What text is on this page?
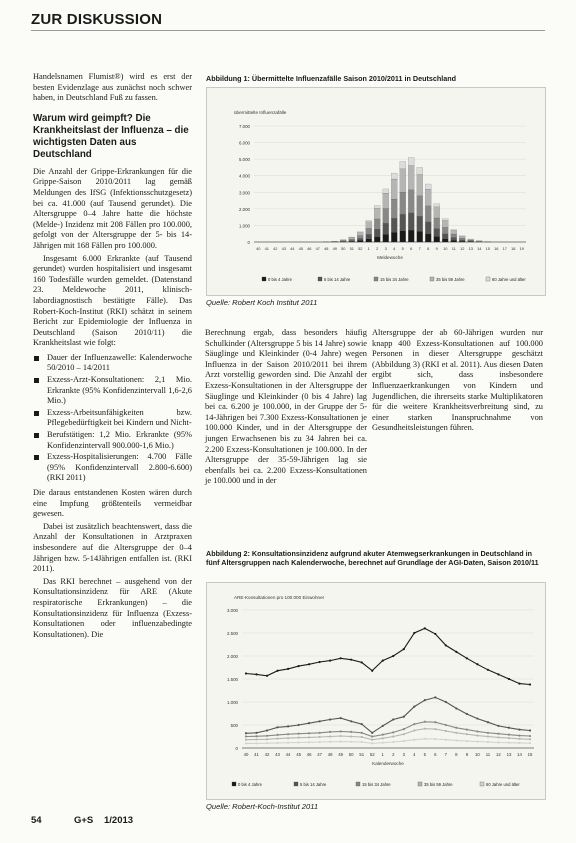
ZUR DISKUSSION

Handelsnamen Flumist®) wird es erst der besten Evidenzlage aus zunächst noch schwer haben, in Deutschland Fuß zu fassen.

Warum wird geimpft? Die Krankheitslast der Influenza – die wichtigsten Daten aus Deutschland

Die Anzahl der Grippe-Erkrankungen für die Grippe-Saison 2010/2011 lag gemäß Meldungen des IfSG (Infektionsschutzgesetz) bei ca. 41.000 (auf Tausend gerundet). Die Altersgruppe 0–4 Jahre hatte die höchste (Melde-) Inzidenz mit 208 Fällen pro 100.000, gefolgt von der Altersgruppe der 5- bis 14-Jährigen mit 168 Fällen pro 100.000.

Insgesamt 6.000 Erkrankte (auf Tausend gerundet) wurden hospitalisiert und insgesamt 160 Todesfälle wurden gemeldet. (Datenstand 23. Meldewoche 2011, klinisch-labordiagnostisch bestätigte Fälle). Das Robert-Koch-Institut (RKI) schätzt in seinem Bericht zur Epidemiologie der Influenza in Deutschland (Saison 2010/11) die Krankheitslast wie folgt:

Dauer der Influenzawelle: Kalenderwoche 50/2010 – 14/2011
Exzess-Arzt-Konsultationen: 2,1 Mio. Erkrankte (95% Konfidenzintervall 1,6-2,6 Mio.)
Exzess-Arbeitsunfähigkeiten bzw. Pflegebedürftigkeit bei Kindern und Nicht-
Berufstätigen: 1,2 Mio. Erkrankte (95% Konfidenzintervall 900.000-1,6 Mio.)
Exzess-Hospitalisierungen: 4.700 Fälle (95% Konfidenzintervall 2.800-6.600) (RKI 2011)

Die daraus entstandenen Kosten wären durch eine Impfung größtenteils vermeidbar gewesen.

Dabei ist zusätzlich beachtenswert, dass die Anzahl der Konsultationen in Arztpraxen insbesondere auf die Altersgruppe der 0–4 Jährigen bzw. 5-14Jährigen entfallen ist. (RKI 2011).

Das RKI berechnet – ausgehend von der Konsultationsinzidenz für ARE (Akute respiratorische Erkrankungen) – die Konsultationsinzidenz für Influenza (Exzess-Konsultationen oder influenzabedingte Konsultationen). Die

Berechnung ergab, dass besonders häufig Schulkinder (Altersgruppe 5 bis 14 Jahre) sowie Säuglinge und Kleinkinder (0-4 Jahre) wegen Influenza in der Saison 2010/2011 bei ihrem Arzt vorstellig geworden sind. Die Anzahl der Exzess-Konsultationen in der Altersgruppe der Säuglinge und Kleinkinder (0 bis 4 Jahre) lag bei ca. 6.200 je 100.000, in der Gruppe der 5-14-Jährigen bei 7.300 Exzess-Konsultationen je 100.000 Kinder, und in der Altersgruppe der jungen Erwachsenen bis zu 34 Jahren bei ca. 2.200 Exzess-Konsultationen je 100.000. In der Altersgruppe der 35-59-Jährigen lag sie ebenfalls bei ca. 2.200 Exzess-Konsultationen je 100.000 und in der

Altersgruppe der ab 60-Jährigen wurden nur knapp 400 Exzess-Konsultationen auf 100.000 Personen in dieser Altersgruppe geschätzt (Abbildung 3) (RKI et al. 2011). Aus diesen Daten ergibt sich, dass insbesondere Influenzaerkrankungen von Kindern und Jugendlichen, die ihrerseits starke Multiplikatoren für die weitere Krankheitsverbreitung sind, zu einer starken Inanspruchnahme von Gesundheitsleistungen führen.

Abbildung 1: Übermittelte Influenzafälle Saison 2010/2011 in Deutschland
übermittelte Influenzafälle
0
1.000
2.000
3.000
4.000
5.000
6.000
7.000
40 41 42 43 44 45 46 47 48 49 50 51 52 1 2 3 4 5 6 7 8 9 10 11 12 13 14 15 16 17 18 19
Meldewoche
0 bis 4 Jahre	5 bis 14 Jahre	15 bis 34 Jahre	35 bis 59 Jahre	60 Jahre und älter
Quelle: Robert Koch Institut 2011
Abbildung 2: Konsultationsinzidenz aufgrund akuter Atemwegserkrankungen in Deutschland in fünf Altersgruppen nach Kalenderwoche, berechnet auf Grundlage der AGI-Daten, Saison 2010/11
ARE-Konsultationen pro 100.000 Einwohner
0
500
1.000
1.500
2.000
2.500
3.000
40 41 42 43 44 45 46 47 48 49 50 51 52 1 2 3 4 5 6 7 8 9 10 11 12 13 14 15
Kalenderwoche
0 bis 4 Jahre	5 bis 14 Jahre	15 bis 34 Jahre	35 bis 59 Jahre	60 Jahre und älter
Quelle: Robert-Koch-Institut 2011
54	G+S 1/2013
